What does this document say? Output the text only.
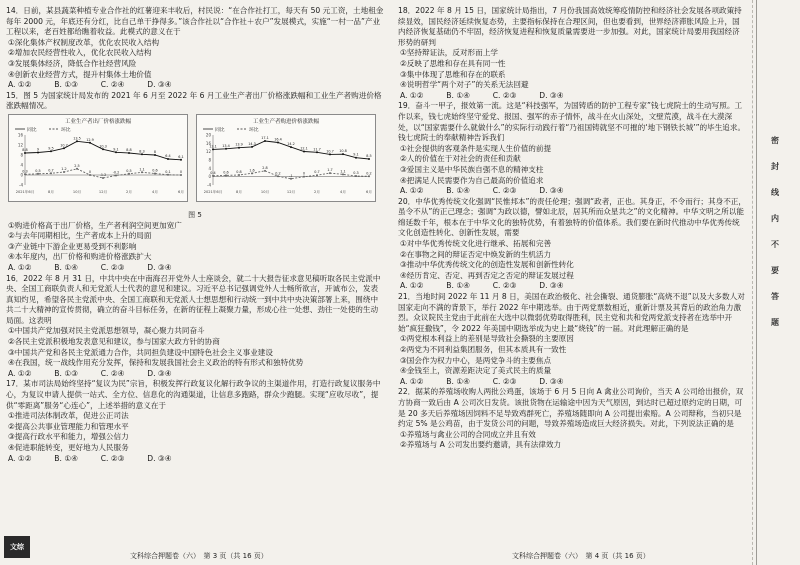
14．日前，某县蔬菜种植专业合作社的红薯迎来丰收后，村民说：“在合作社打工，每天有 50 元工资，土地租金每年 2000 元，年底还有分红，比自己单干挣得多。”该合作社以“合作社＋农户”发展模式，实施“一村一品”产业工程以来，老百姓都给瞧着收益。此模式的意义在于

①深化集体产权制度改革，优化农民收入结构

②增加农民经营性收入，优化农民收入结构

③发展集体经济，降低合作社经营风险

④创新农业经营方式，提升村集体土地价值

A. ①②　　　B. ①③　　　C. ②④　　　D. ③④

15．图 5 为国家统计局发布的 2021 年 6 月至 2022 年 6 月工业生产者出厂价格涨跌幅和工业生产者购进价格涨跌幅情况。

工业生产者出厂价格涨跌幅
同比	环比
-4
0
4
8
12
16
2021年6月	8月	10月	12月	2月	4月	6月
8.8	9	9.5
10.7
13.5 12.9
10.3
9.1 8.8 8.3	8
6.4 6.1
0.3 0.5 0.7 1.2
2.5
0
-1.2
-0.2 0.5 1.1 0.6 0.1	0
工业生产者购进价格涨跌幅
同比	环比
-4
0
4
8
12
16
20
2021年6月	8月	10月	12月	2月	4月	6月
13.1 13.4 13.9 14.3
17.1 16.4
14.2
12.1 11.7
10.7 10.8
9.1 8.5
0.4 0.6 0.8 1.6
2.8
0.2
-1
0	0.7
1.7 1.1 0.3 0.2

图 5

①购进价格高于出厂价格，生产者利润空间更加宽广

②与去年同期相比，生产者成本上升的局面

③产业链中下游企业更易受到不利影响

④本年度内，出厂价格和购进价格涨跌扩大

A. ①②　　　B. ①④　　　C. ②③　　　D. ③④

16．2022 年 8 月 31 日，中共中央在中南海召开党外人士座谈会，就二十大报告征求意见稿听取各民主党派中央、全国工商联负责人和无党派人士代表的意见和建议。习近平总书记强调党外人士畅所欲言，开诚布公，发表真知灼见，希望各民主党派中央、全国工商联和无党派人士想思想和行动统一到中共中央决策部署上来，围绕中共二十大精神的宣传贯彻，确立的奋斗目标任务，在新的征程上凝聚力量，形成心往一处想、劲往一处使的生动局面。这表明

①中国共产党加强对民主党派思想领导，凝心聚力共同奋斗

②各民主党派积极地发表意见和建议，参与国家大政方针的协商

③中国共产党和各民主党派通力合作，共同担负建设中国特色社会主义事业建设

④在我国，统一战线作用充分发挥，保持和发展我国社会主义政治的特有形式和独特优势

A. ①②　　　B. ①③　　　C. ②④　　　D. ③④

17．某市司法局始终坚持“复议为民”宗旨，积极发挥行政复议化解行政争议的主渠道作用，打造行政复议服务中心，为复议申请人提供一站式、全方位、信息化的沟通渠道，让信息多跑路，群众少跑腿。实现“应收尽收”，提供“零距离”服务“心连心”，上述举措的意义在于

①推进司法体制改革，促进公正司法

②提高公共事业管理能力和管理水平

③提高行政水平和能力，增强公信力

④促进职能转变，更好地为人民服务

A. ①②　　　B. ①④　　　C. ②③　　　D. ③④

18．2022 年 8 月 15 日，国家统计局指出，7 月份我国高效统筹疫情防控和经济社会发展各项政策持续显效，国民经济延续恢复态势，主要指标保持在合理区间，但也要看到，世界经济滞胀风险上升，国内经济恢复基础仍不牢固，经济恢复进程和恢复质量需要进一步加强。对此，国家统计局要用我国经济形势的研判

①坚持辩证法，反对形而上学

②反映了思维和存在具有同一性

③集中体现了思维和存在的联系

④说明哲学“两个对子”的关系无法回避

A. ①②　　　B. ①④　　　C. ②③　　　D. ③④

19．奋斗一甲子，报效第一流。这是“科技强军，为国铸盾的防护工程专家”钱七虎院士的生动写照。工作以来，钱七虎始终坚守爱党、报国、强军的赤子情怀，战斗在火山深处，文壁荒漠，战斗在大漠深处，以“国家需要什么就做什么”的实际行动践行着“乃祖国铸就坚不可摧的‘地下钢铁长城’”的毕生追求。钱七虎院士的奉献精神告诉我们

①社会提供的客观条件是实现人生价值的前提

②人的价值在于对社会的责任和贡献

③爱国主义是中华民族自强不息的精神支柱

④把满足人民需要作为自己最高的价值追求

A. ①②　　　B. ①④　　　C. ②③　　　D. ③④

20．中华优秀传统文化强调“民惟邦本”的责任伦理；强调“政者，正也。其身正，不令而行；其身不正，虽令不从”的正己理念；强调“为政以德，譬如北辰，居其所而众星共之”的文化精神。中华文明之所以能绵延数千年，根本在于中华文化的独特优势，有着独特的价值体系。我们要在新时代推动中华优秀传统文化创造性转化、创新性发展，需要

①对中华优秀传统文化进行继承、拓展和完善

②在事物之间的辩证否定中焕发新的生机活力

③推动中华优秀传统文化的创造性发展和创新性转化

④经历肯定、否定、再到否定之否定的辩证发展过程

A. ①②　　　B. ①④　　　C. ②③　　　D. ③④

21．当地时间 2022 年 11 月 8 日，美国在政治极化、社会撕裂、通货膨胀“高烧不退”以及大多数人对国家走向不满的背景下，举行 2022 年中期选举。由于两党票数相近，重新计票及其背后的政治角力激烈。众议院民主党由于此前在大选中以微弱优势取得胜利，民主党和共和党两党派支持者在选举中开始“疯狂撒钱”，令 2022 年美国中期选举成为史上最“烧钱”的一届。对此理解正确的是

①两党根本利益上的差别是导致社会撕裂的主要原因

②两党为不同利益集团服务，但其本质具有一致性

③国会作为权力中心，是两党争斗的主要焦点

④金钱至上，资源差距决定了美式民主的质量

A. ①②　　　B. ①④　　　C. ②③　　　D. ③④

22．据某的养殖场收购人两批公鸡蛋，该场于 6 月 5 日向 A 禽业公司询价，当天 A 公司给出报价，双方协商一致后由 A 公司次日发货。该批货物在运输途中因为天气原因，到达时已超过原约定的日期，可是 20 多天后养殖场因饲料不足导致鸡群死亡，养殖场随即向 A 公司提出索赔。A 公司辩称，当初只是约定 5% 是公鸡苗，由于发货公司的问题，导致养殖场造成巨大经济损失。对此，下列说法正确的是

①养殖场与禽业公司的合同成立并且有效

②养殖场与 A 公司发出要约邀请，具有法律效力

密
封
线
内
不
要
答
题
文综
文科综合押题卷（六）　第 3 页（共 16 页）	文科综合押题卷（六）　第 4 页（共 16 页）
